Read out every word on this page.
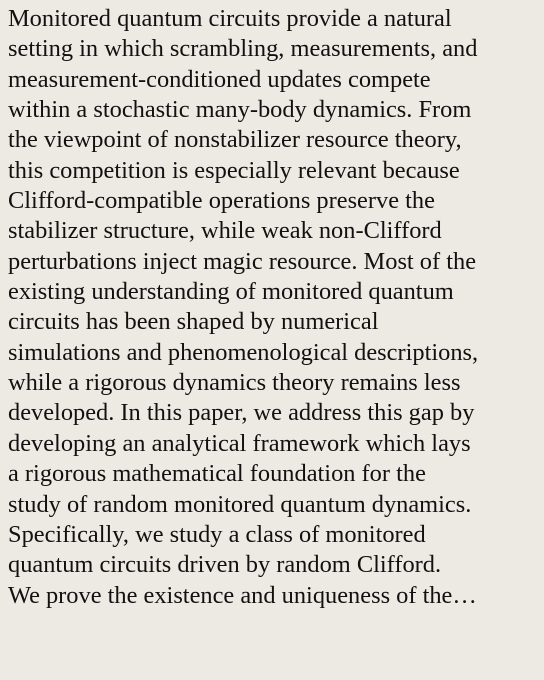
Monitored quantum circuits provide a natural
setting in which scrambling, measurements, and
measurement-conditioned updates compete
within a stochastic many-body dynamics. From
the viewpoint of nonstabilizer resource theory,
this competition is especially relevant because
Clifford-compatible operations preserve the
stabilizer structure, while weak non-Clifford
perturbations inject magic resource. Most of the
existing understanding of monitored quantum
circuits has been shaped by numerical
simulations and phenomenological descriptions,
while a rigorous dynamics theory remains less
developed. In this paper, we address this gap by
developing an analytical framework which lays
a rigorous mathematical foundation for the
study of random monitored quantum dynamics.
Specifically, we study a class of monitored
quantum circuits driven by random Clifford.
We prove the existence and uniqueness of the…
